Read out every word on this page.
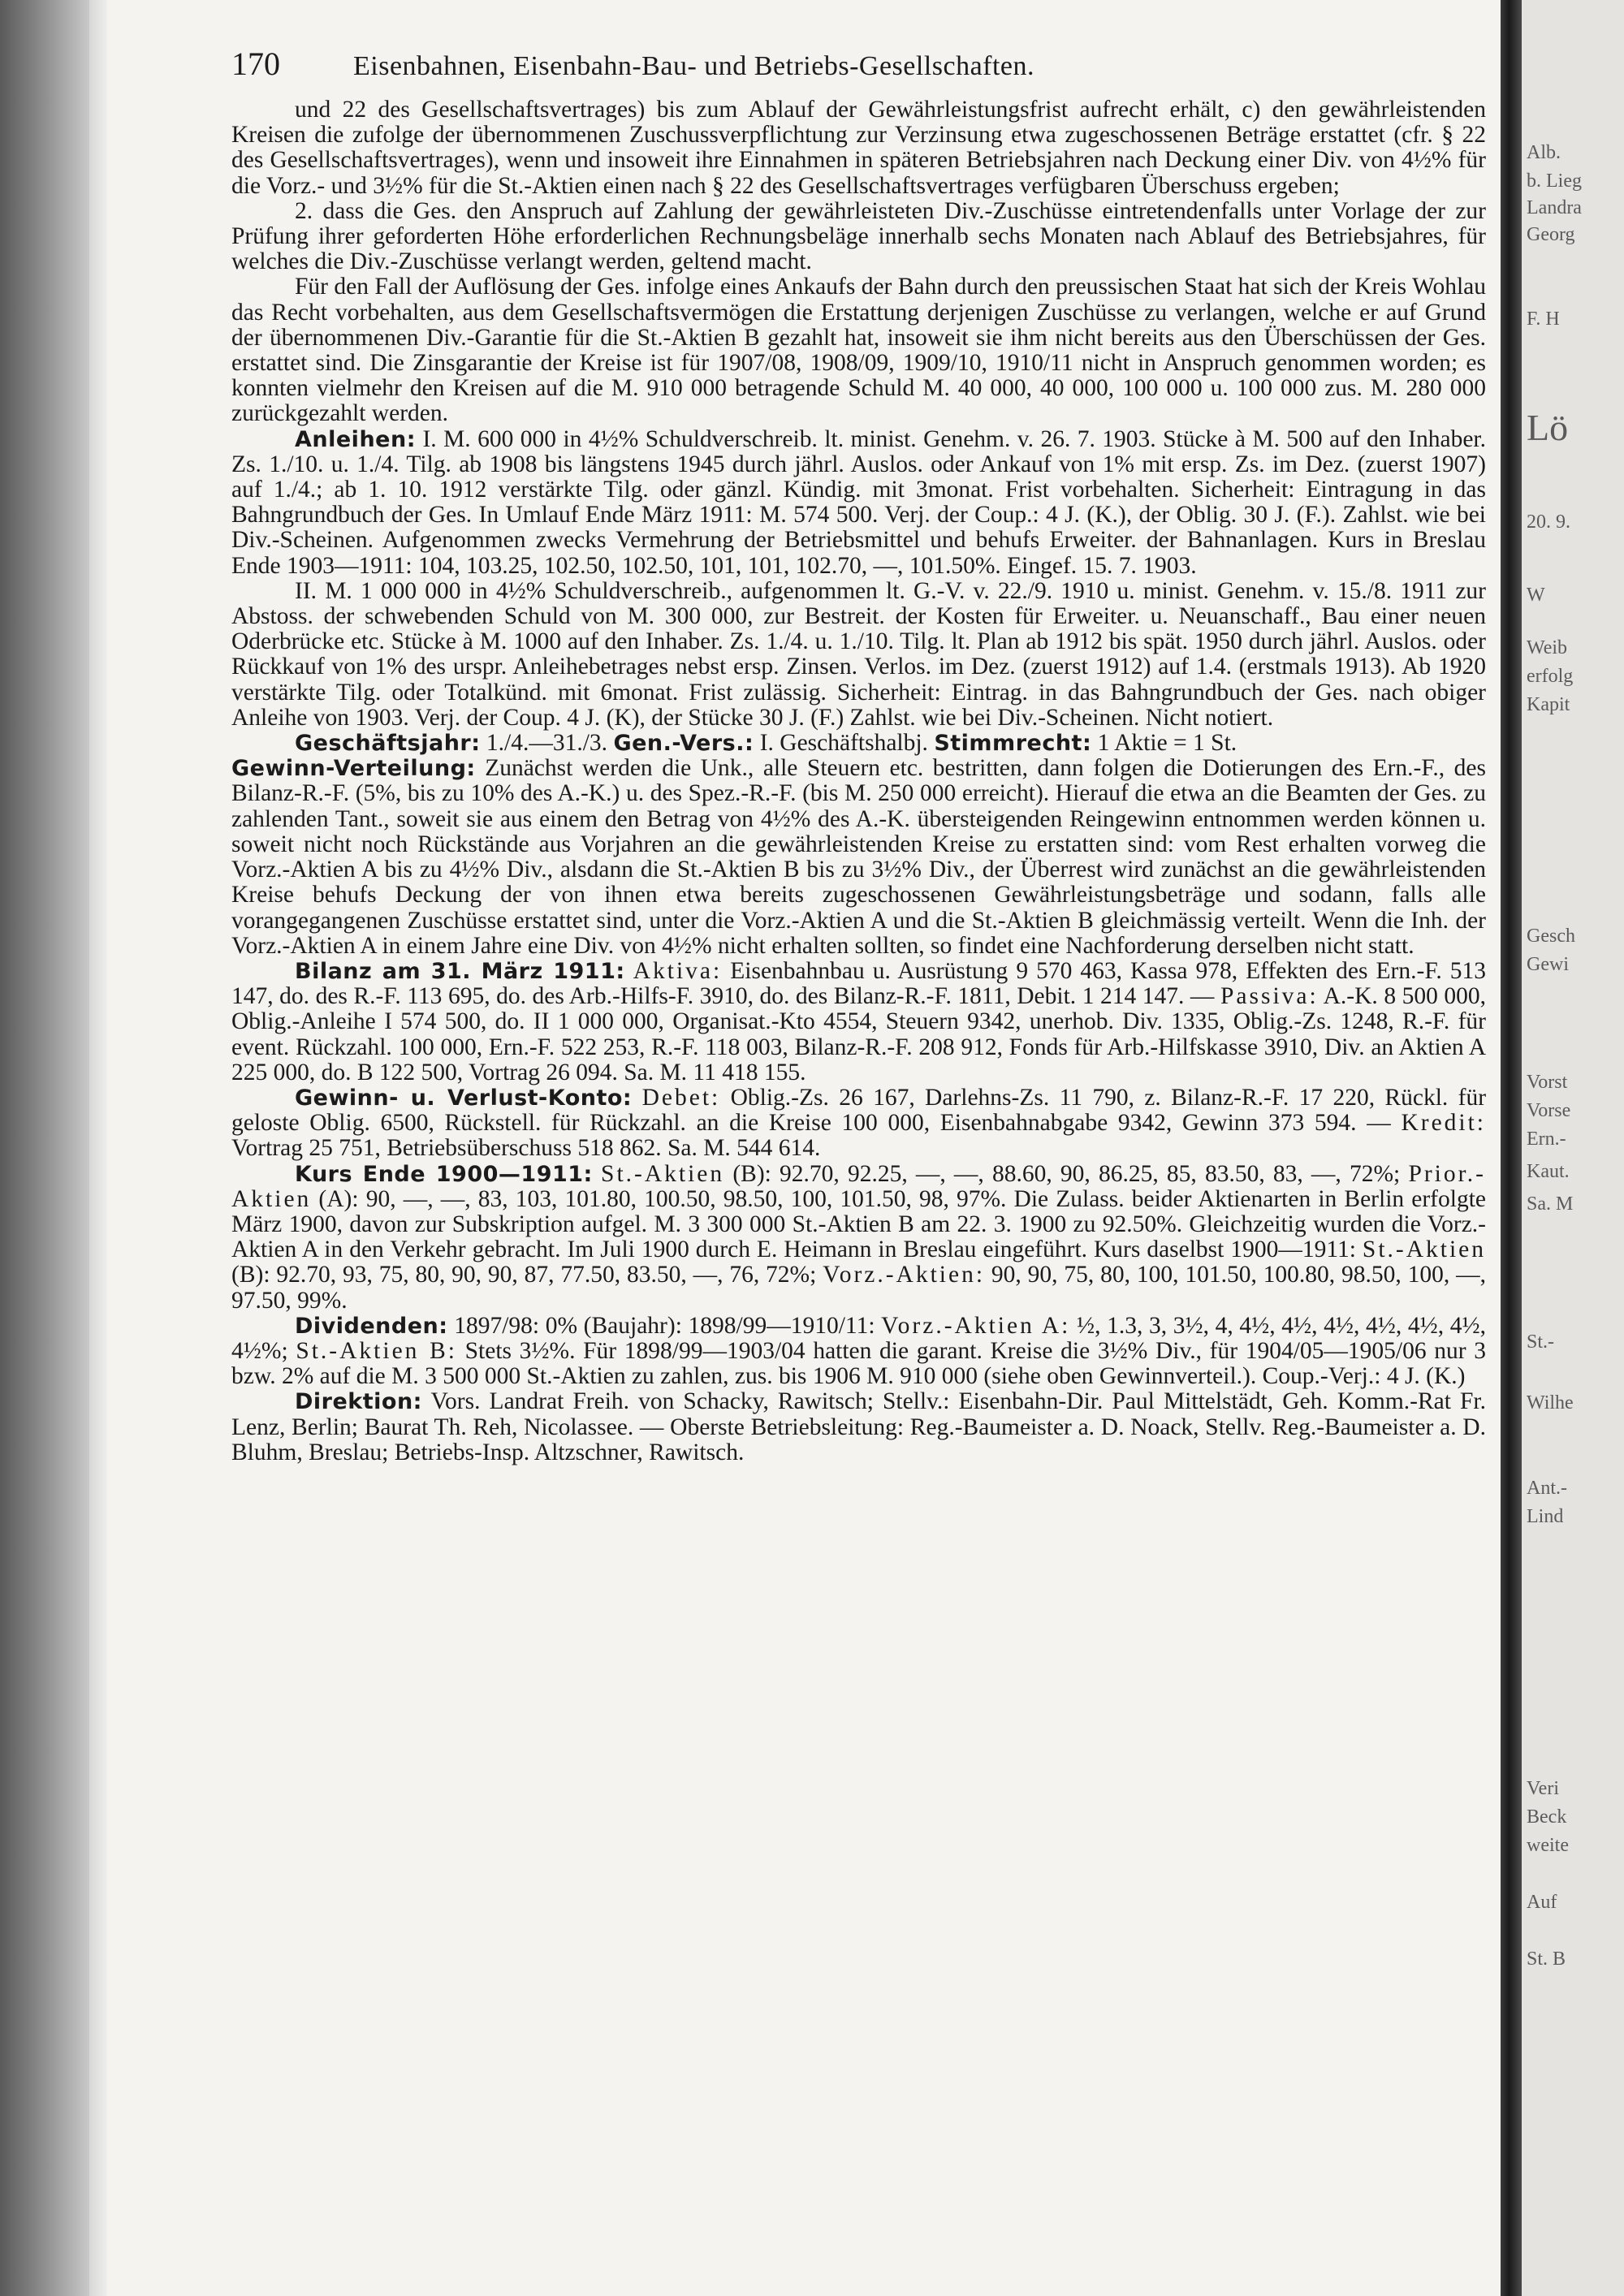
Alb.
b. Lieg
Landra
Georg
F. H
Lö
20. 9.
W
Weib
erfolg
Kapit
Gesch
Gewi
Vorst
Vorse
Ern.-
Kaut.
Sa. M
St.-
Wilhe
Ant.-
Lind
Veri
Beck
weite
Auf
St. B
170	Eisenbahnen, Eisenbahn-Bau- und Betriebs-Gesellschaften.

und 22 des Gesellschaftsvertrages) bis zum Ablauf der Gewährleistungsfrist aufrecht erhält, c) den gewährleistenden Kreisen die zufolge der übernommenen Zuschussverpflichtung zur Verzinsung etwa zugeschossenen Beträge erstattet (cfr. § 22 des Gesellschaftsvertrages), wenn und insoweit ihre Einnahmen in späteren Betriebsjahren nach Deckung einer Div. von 4½% für die Vorz.- und 3½% für die St.-Aktien einen nach § 22 des Gesellschaftsvertrages verfügbaren Überschuss ergeben;

2. dass die Ges. den Anspruch auf Zahlung der gewährleisteten Div.-Zuschüsse eintretendenfalls unter Vorlage der zur Prüfung ihrer geforderten Höhe erforderlichen Rechnungsbeläge innerhalb sechs Monaten nach Ablauf des Betriebsjahres, für welches die Div.-Zuschüsse verlangt werden, geltend macht.

Für den Fall der Auflösung der Ges. infolge eines Ankaufs der Bahn durch den preussischen Staat hat sich der Kreis Wohlau das Recht vorbehalten, aus dem Gesellschaftsvermögen die Erstattung derjenigen Zuschüsse zu verlangen, welche er auf Grund der übernommenen Div.-Garantie für die St.-Aktien B gezahlt hat, insoweit sie ihm nicht bereits aus den Überschüssen der Ges. erstattet sind. Die Zinsgarantie der Kreise ist für 1907/08, 1908/09, 1909/10, 1910/11 nicht in Anspruch genommen worden; es konnten vielmehr den Kreisen auf die M. 910 000 betragende Schuld M. 40 000, 40 000, 100 000 u. 100 000 zus. M. 280 000 zurückgezahlt werden.

Anleihen: I. M. 600 000 in 4½% Schuldverschreib. lt. minist. Genehm. v. 26. 7. 1903. Stücke à M. 500 auf den Inhaber. Zs. 1./10. u. 1./4. Tilg. ab 1908 bis längstens 1945 durch jährl. Auslos. oder Ankauf von 1% mit ersp. Zs. im Dez. (zuerst 1907) auf 1./4.; ab 1. 10. 1912 verstärkte Tilg. oder gänzl. Kündig. mit 3monat. Frist vorbehalten. Sicherheit: Eintragung in das Bahngrundbuch der Ges. In Umlauf Ende März 1911: M. 574 500. Verj. der Coup.: 4 J. (K.), der Oblig. 30 J. (F.). Zahlst. wie bei Div.-Scheinen. Aufgenommen zwecks Vermehrung der Betriebsmittel und behufs Erweiter. der Bahnanlagen. Kurs in Breslau Ende 1903—1911: 104, 103.25, 102.50, 102.50, 101, 101, 102.70, —, 101.50%. Eingef. 15. 7. 1903.

II. M. 1 000 000 in 4½% Schuldverschreib., aufgenommen lt. G.-V. v. 22./9. 1910 u. minist. Genehm. v. 15./8. 1911 zur Abstoss. der schwebenden Schuld von M. 300 000, zur Bestreit. der Kosten für Erweiter. u. Neuanschaff., Bau einer neuen Oderbrücke etc. Stücke à M. 1000 auf den Inhaber. Zs. 1./4. u. 1./10. Tilg. lt. Plan ab 1912 bis spät. 1950 durch jährl. Auslos. oder Rückkauf von 1% des urspr. Anleihebetrages nebst ersp. Zinsen. Verlos. im Dez. (zuerst 1912) auf 1.4. (erstmals 1913). Ab 1920 verstärkte Tilg. oder Totalkünd. mit 6monat. Frist zulässig. Sicherheit: Eintrag. in das Bahngrundbuch der Ges. nach obiger Anleihe von 1903. Verj. der Coup. 4 J. (K), der Stücke 30 J. (F.) Zahlst. wie bei Div.-Scheinen. Nicht notiert.

Geschäftsjahr: 1./4.—31./3. Gen.-Vers.: I. Geschäftshalbj. Stimmrecht: 1 Aktie = 1 St.

Gewinn-Verteilung: Zunächst werden die Unk., alle Steuern etc. bestritten, dann folgen die Dotierungen des Ern.-F., des Bilanz-R.-F. (5%, bis zu 10% des A.-K.) u. des Spez.-R.-F. (bis M. 250 000 erreicht). Hierauf die etwa an die Beamten der Ges. zu zahlenden Tant., soweit sie aus einem den Betrag von 4½% des A.-K. übersteigenden Reingewinn entnommen werden können u. soweit nicht noch Rückstände aus Vorjahren an die gewährleistenden Kreise zu erstatten sind: vom Rest erhalten vorweg die Vorz.-Aktien A bis zu 4½% Div., alsdann die St.-Aktien B bis zu 3½% Div., der Überrest wird zunächst an die gewährleistenden Kreise behufs Deckung der von ihnen etwa bereits zugeschossenen Gewährleistungsbeträge und sodann, falls alle vorangegangenen Zuschüsse erstattet sind, unter die Vorz.-Aktien A und die St.-Aktien B gleichmässig verteilt. Wenn die Inh. der Vorz.-Aktien A in einem Jahre eine Div. von 4½% nicht erhalten sollten, so findet eine Nachforderung derselben nicht statt.

Bilanz am 31. März 1911: Aktiva: Eisenbahnbau u. Ausrüstung 9 570 463, Kassa 978, Effekten des Ern.-F. 513 147, do. des R.-F. 113 695, do. des Arb.-Hilfs-F. 3910, do. des Bilanz-R.-F. 1811, Debit. 1 214 147. — Passiva: A.-K. 8 500 000, Oblig.-Anleihe I 574 500, do. II 1 000 000, Organisat.-Kto 4554, Steuern 9342, unerhob. Div. 1335, Oblig.-Zs. 1248, R.-F. für event. Rückzahl. 100 000, Ern.-F. 522 253, R.-F. 118 003, Bilanz-R.-F. 208 912, Fonds für Arb.-Hilfskasse 3910, Div. an Aktien A 225 000, do. B 122 500, Vortrag 26 094. Sa. M. 11 418 155.

Gewinn- u. Verlust-Konto: Debet: Oblig.-Zs. 26 167, Darlehns-Zs. 11 790, z. Bilanz-R.-F. 17 220, Rückl. für geloste Oblig. 6500, Rückstell. für Rückzahl. an die Kreise 100 000, Eisenbahnabgabe 9342, Gewinn 373 594. — Kredit: Vortrag 25 751, Betriebsüberschuss 518 862. Sa. M. 544 614.

Kurs Ende 1900—1911: St.-Aktien (B): 92.70, 92.25, —, —, 88.60, 90, 86.25, 85, 83.50, 83, —, 72%; Prior.-Aktien (A): 90, —, —, 83, 103, 101.80, 100.50, 98.50, 100, 101.50, 98, 97%. Die Zulass. beider Aktienarten in Berlin erfolgte März 1900, davon zur Subskription aufgel. M. 3 300 000 St.-Aktien B am 22. 3. 1900 zu 92.50%. Gleichzeitig wurden die Vorz.-Aktien A in den Verkehr gebracht. Im Juli 1900 durch E. Heimann in Breslau eingeführt. Kurs daselbst 1900—1911: St.-Aktien (B): 92.70, 93, 75, 80, 90, 90, 87, 77.50, 83.50, —, 76, 72%; Vorz.-Aktien: 90, 90, 75, 80, 100, 101.50, 100.80, 98.50, 100, —, 97.50, 99%.

Dividenden: 1897/98: 0% (Baujahr): 1898/99—1910/11: Vorz.-Aktien A: ½, 1.3, 3, 3½, 4, 4½, 4½, 4½, 4½, 4½, 4½, 4½%; St.-Aktien B: Stets 3½%. Für 1898/99—1903/04 hatten die garant. Kreise die 3½% Div., für 1904/05—1905/06 nur 3 bzw. 2% auf die M. 3 500 000 St.-Aktien zu zahlen, zus. bis 1906 M. 910 000 (siehe oben Gewinnverteil.). Coup.-Verj.: 4 J. (K.)

Direktion: Vors. Landrat Freih. von Schacky, Rawitsch; Stellv.: Eisenbahn-Dir. Paul Mittelstädt, Geh. Komm.-Rat Fr. Lenz, Berlin; Baurat Th. Reh, Nicolassee. — Oberste Betriebsleitung: Reg.-Baumeister a. D. Noack, Stellv. Reg.-Baumeister a. D. Bluhm, Breslau; Betriebs-Insp. Altzschner, Rawitsch.
